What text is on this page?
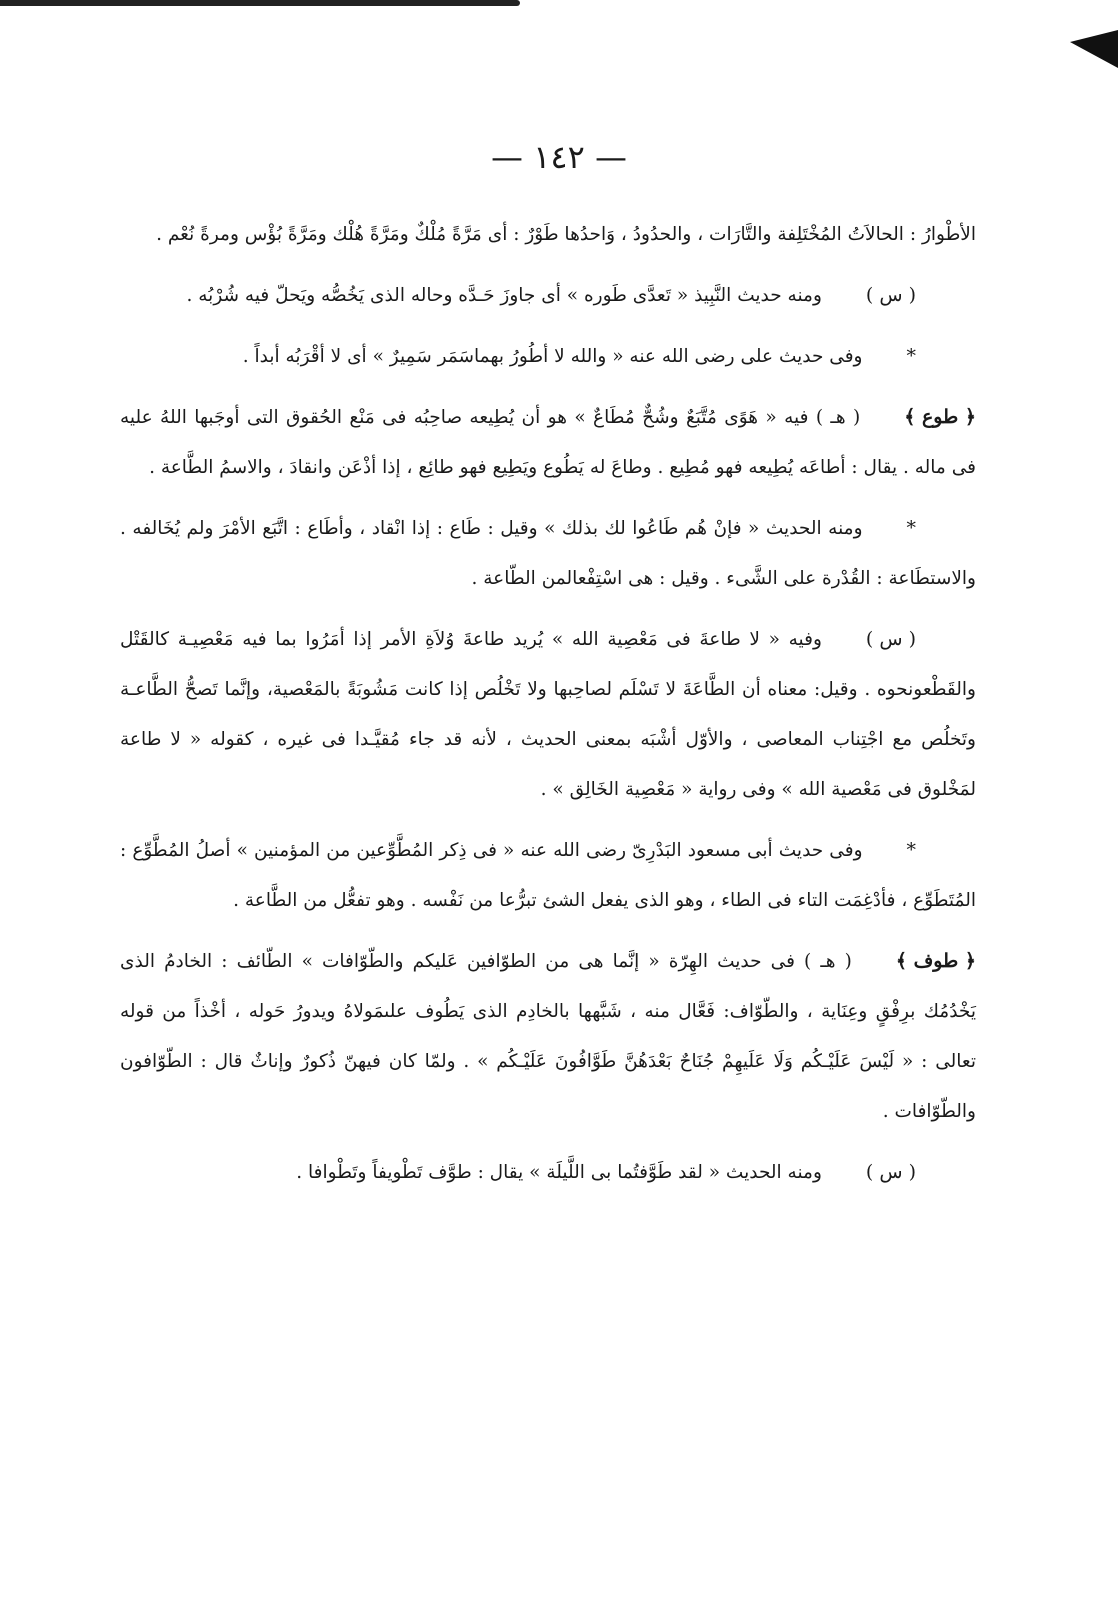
— ١٤٢ —

الأطْوارُ : الحالاَتُ المُخْتَلِفة والتَّارَات ، والحدُودُ ، وَاحدُها طَوْرٌ : أى مَرَّةً مُلْكٌ ومَرَّةً هُلْك ومَرَّةً بُؤْس ومرةً نُعْم .

( س )ومنه حديث النَّبِيذ « تَعدَّى طَوره » أى جاوزَ حَـدَّه وحاله الذى يَخُصُّه ويَحلّ فيه شُرْبُه .

*وفى حديث على رضى الله عنه « والله لا أطُورُ بهماسَمَر سَمِيرٌ » أى لا أقْرَبُه أبداً .

﴿ طوع ﴾( هـ ) فيه « هَوًى مُتَّبَعٌ وشُحٌّ مُطَاعٌ » هو أن يُطِيعه صاحِبُه فى مَنْع الحُقوق التى أوجَبها اللهُ عليه فى ماله . يقال : أطاعَه يُطِيعه فهو مُطِيع . وطاعَ له يَطُوع ويَطِيع فهو طائِع ، إذا أذْعَن وانقادَ ، والاسمُ الطَّاعة .

*ومنه الحديث « فإنْ هُم طَاعُوا لك بذلك » وقيل : طَاع : إذا انْقاد ، وأطَاع : اتَّبَع الأمْرَ ولم يُخَالفه . والاستطَاعة : القُدْرة على الشَّىء . وقيل : هى اسْتِفْعالمن الطّاعة .

( س )وفيه « لا طاعةَ فى مَعْصِية الله » يُريد طاعةَ وُلاَةِ الأمر إذا أمَرُوا بما فيه مَعْصِيـة كالقَتْل والقَطْعونحوه . وقيل: معناه أن الطَّاعَةَ لا تَسْلَم لصاحِبها ولا تَخْلُص إذا كانت مَشُوبَةً بالمَعْصية، وإنَّما تَصحُّ الطَّاعـة وتَخلُص مع اجْتِناب المعاصى ، والأوّل أشْبَه بمعنى الحديث ، لأنه قد جاء مُقيَّـدا فى غيره ، كقوله « لا طاعة لمَخْلوق فى مَعْصية الله » وفى رواية « مَعْصِية الخَالِق » .

*وفى حديث أبى مسعود البَدْرِىّ رضى الله عنه « فى ذِكر المُطَّوِّعين من المؤمنين » أصلُ المُطَّوِّع : المُتَطَوِّع ، فأدْغِمَت التاء فى الطاء ، وهو الذى يفعل الشئ تبرُّعا من نَفْسه . وهو تفعُّل من الطَّاعة .

﴿ طوف ﴾( هـ ) فى حديث الهِرّة « إنَّما هى من الطوّافين عَليكم والطّوّافات » الطّائف : الخادمُ الذى يَخْدُمُك برِفْقٍ وعِنَاية ، والطّوّاف: فَعَّال منه ، شَبَّهها بالخادِم الذى يَطُوف علىمَولاهُ ويدورُ حَوله ، أخْذاً من قوله تعالى : « لَيْسَ عَلَيْـكُم وَلَا عَلَيهِمْ جُنَاحٌ بَعْدَهُنَّ طَوَّافُونَ عَلَيْـكُم » . ولمّا كان فيهنّ ذُكورٌ وإناثٌ قال : الطّوّافون والطّوّافات .

( س )ومنه الحديث « لقد طَوَّفتُما بى اللَّيلَة » يقال : طوَّف تَطْويفاً وتَطْوافا .
